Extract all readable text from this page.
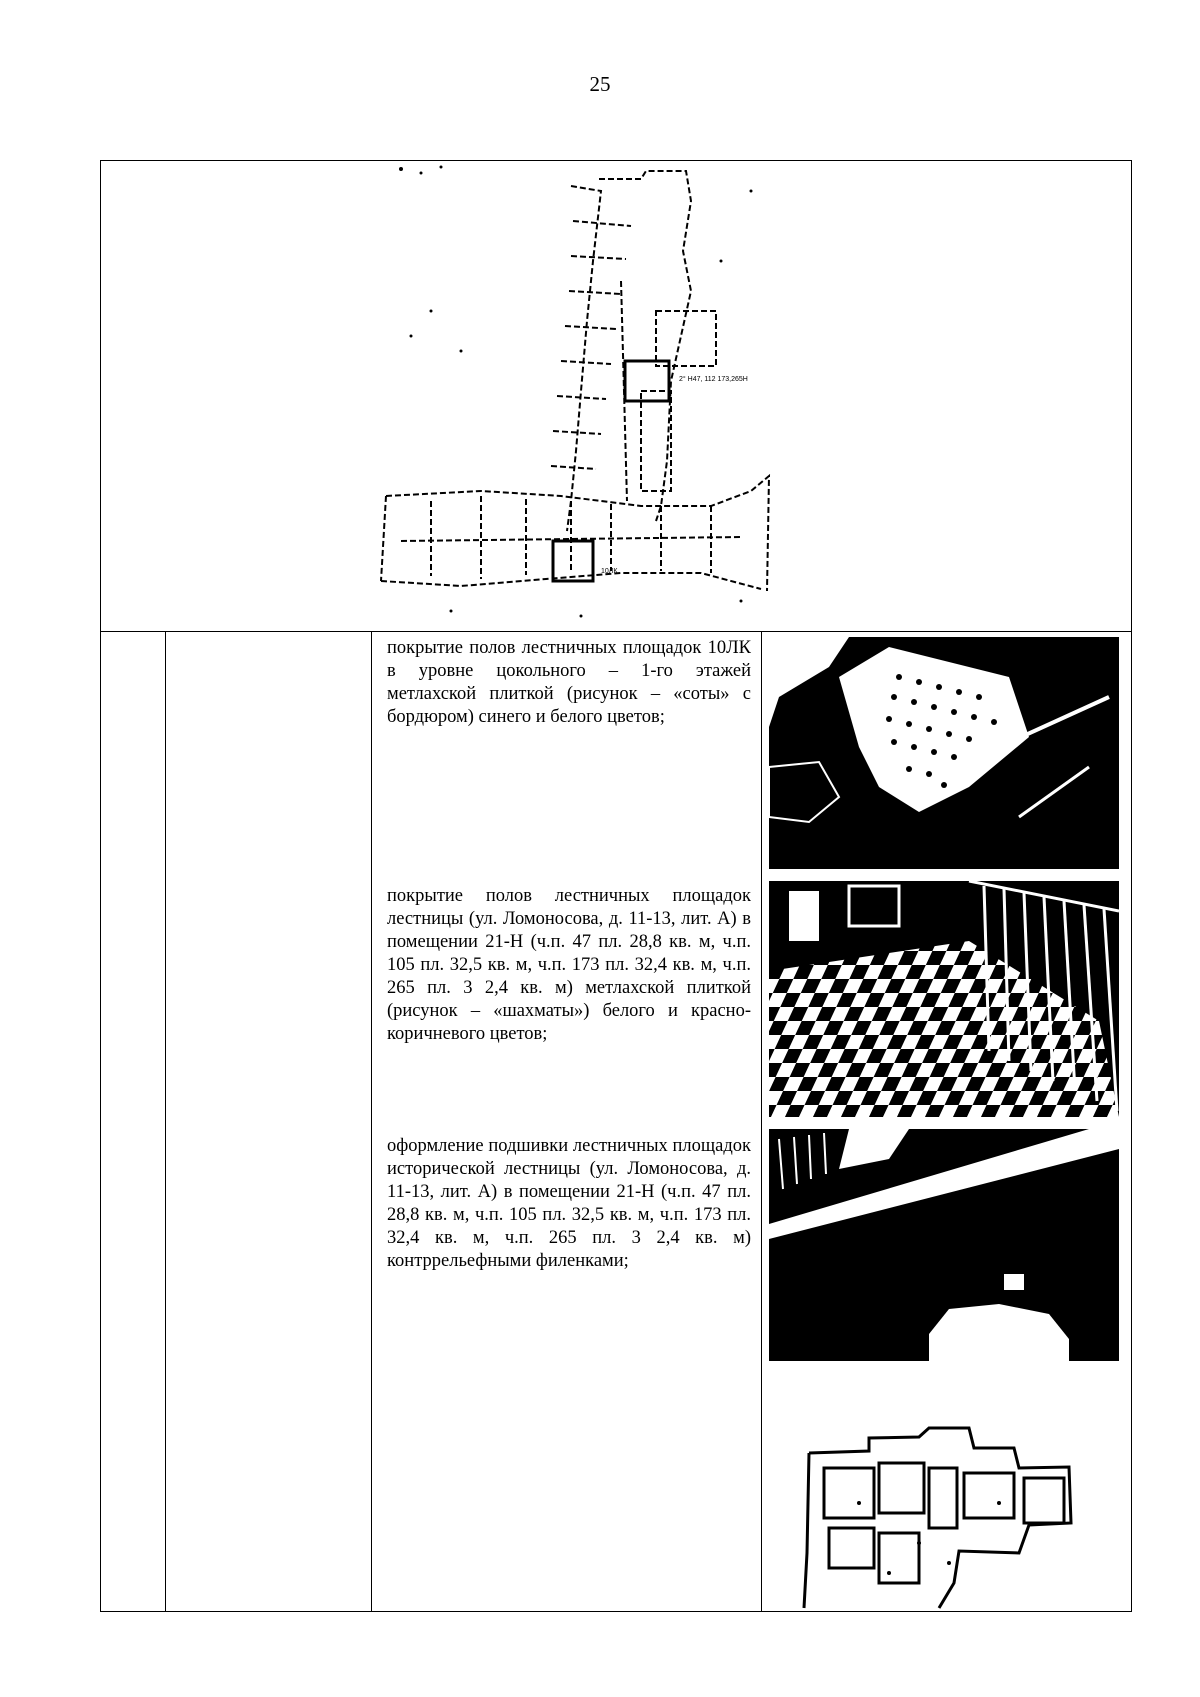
25
2° Н47, 112 173,265Н
10ЛК
покрытие полов лестничных площадок 10ЛК в уровне цокольного – 1-го этажей метлахской плиткой (рисунок – «соты» с бордюром) синего и белого цветов;
покрытие полов лестничных площадок лестницы (ул. Ломоносова, д. 11-13, лит. А) в помещении 21-Н (ч.п. 47 пл. 28,8 кв. м, ч.п. 105 пл. 32,5 кв. м, ч.п. 173 пл. 32,4 кв. м, ч.п. 265 пл. 3 2,4 кв. м) метлахской плиткой (рисунок – «шахматы») белого и красно-коричневого цветов;
оформление подшивки лестничных площадок исторической лестницы (ул. Ломоносова, д. 11-13, лит. А) в помещении 21-Н (ч.п. 47 пл. 28,8 кв. м, ч.п. 105 пл. 32,5 кв. м, ч.п. 173 пл. 32,4 кв. м, ч.п. 265 пл. 3 2,4 кв. м) контррельефными филенками;
